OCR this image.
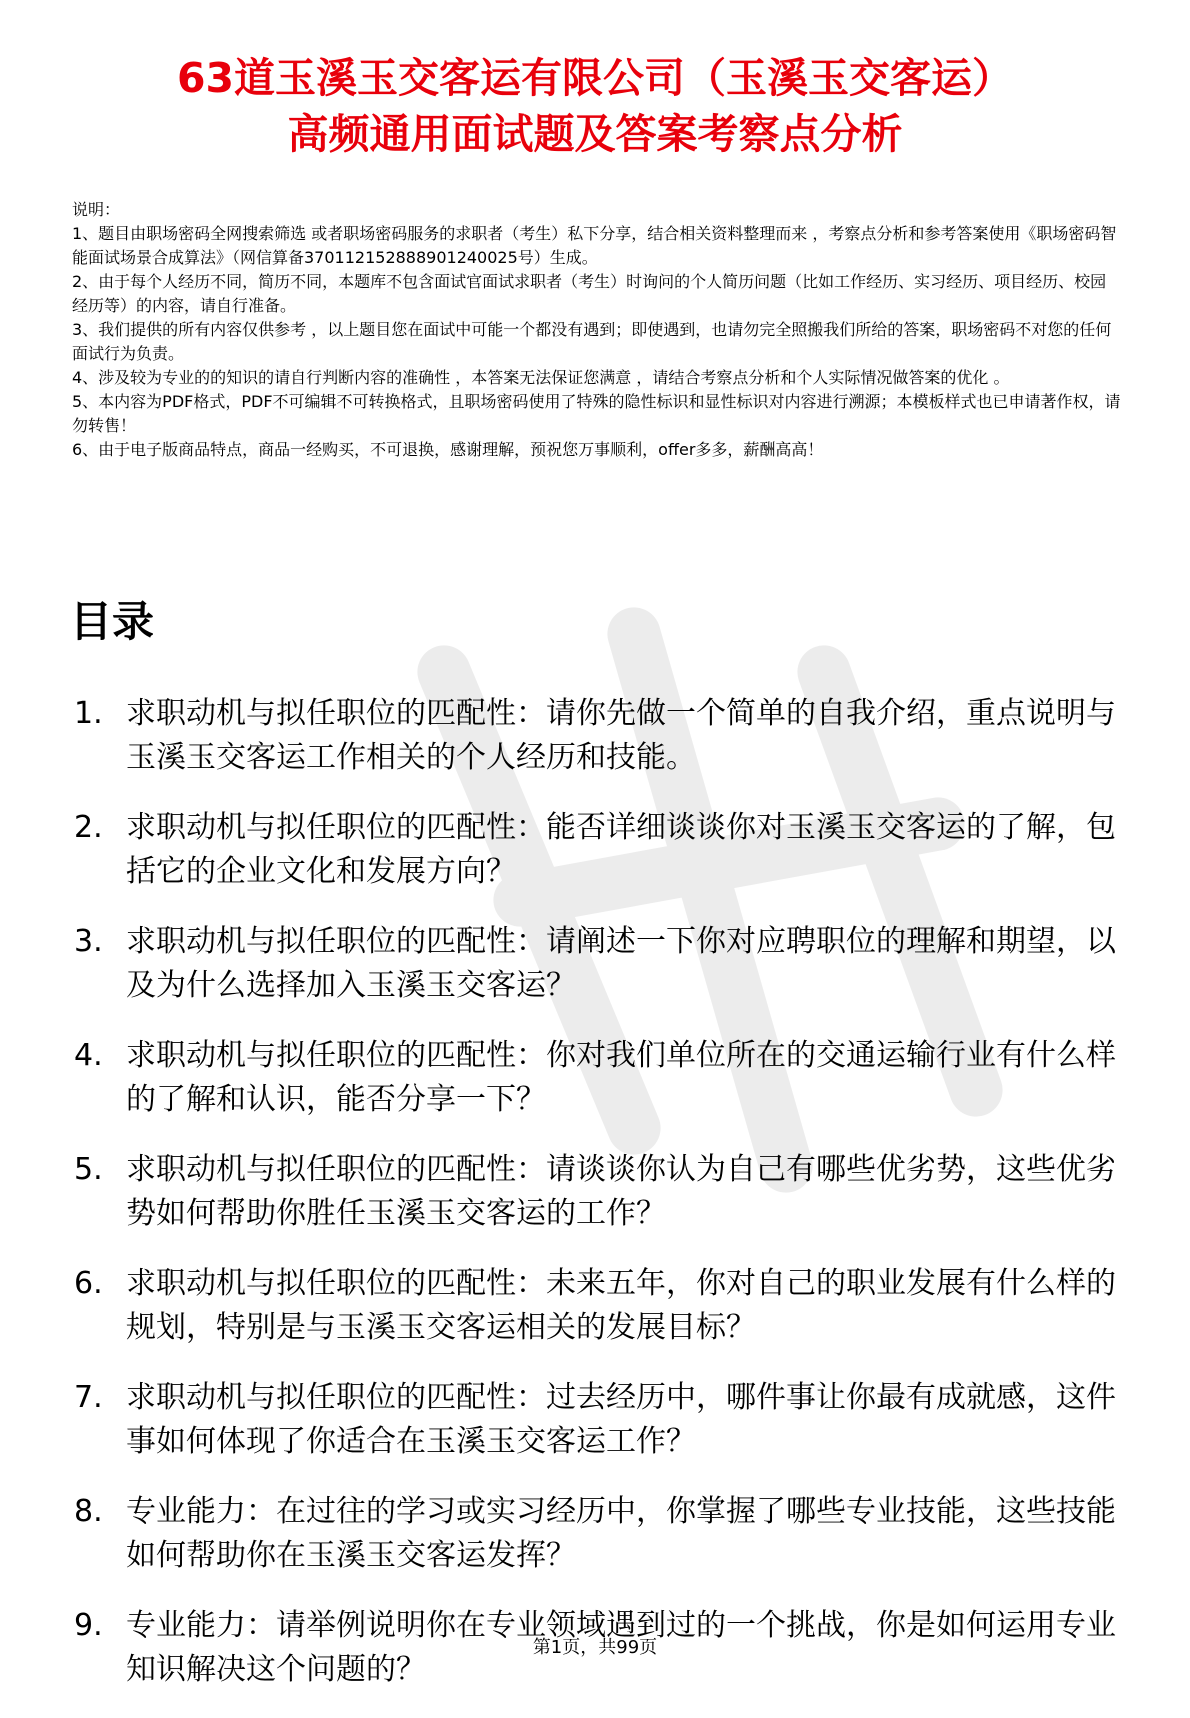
63道玉溪玉交客运有限公司（玉溪玉交客运）
高频通用面试题及答案考察点分析

说明：

1、题目由职场密码全网搜索筛选 或者职场密码服务的求职者（考生）私下分享，结合相关资料整理而来 ，考察点分析和参考答案使用《职场密码智能面试场景合成算法》（网信算备370112152888901240025号）生成。

2、由于每个人经历不同，简历不同，本题库不包含面试官面试求职者（考生）时询问的个人简历问题（比如工作经历、实习经历、项目经历、校园经历等）的内容，请自行准备。

3、我们提供的所有内容仅供参考 ，以上题目您在面试中可能一个都没有遇到；即使遇到，也请勿完全照搬我们所给的答案，职场密码不对您的任何面试行为负责。

4、涉及较为专业的的知识的请自行判断内容的准确性 ，本答案无法保证您满意 ，请结合考察点分析和个人实际情况做答案的优化 。

5、本内容为PDF格式，PDF不可编辑不可转换格式，且职场密码使用了特殊的隐性标识和显性标识对内容进行溯源；本模板样式也已申请著作权，请勿转售！

6、由于电子版商品特点，商品一经购买，不可退换，感谢理解，预祝您万事顺利，offer多多，薪酬高高！

目录
1. 求职动机与拟任职位的匹配性：请你先做一个简单的自我介绍，重点说明与玉溪玉交客运工作相关的个人经历和技能。
2. 求职动机与拟任职位的匹配性：能否详细谈谈你对玉溪玉交客运的了解，包括它的企业文化和发展方向？
3. 求职动机与拟任职位的匹配性：请阐述一下你对应聘职位的理解和期望，以及为什么选择加入玉溪玉交客运？
4. 求职动机与拟任职位的匹配性：你对我们单位所在的交通运输行业有什么样的了解和认识，能否分享一下？
5. 求职动机与拟任职位的匹配性：请谈谈你认为自己有哪些优劣势，这些优劣势如何帮助你胜任玉溪玉交客运的工作？
6. 求职动机与拟任职位的匹配性：未来五年，你对自己的职业发展有什么样的规划，特别是与玉溪玉交客运相关的发展目标？
7. 求职动机与拟任职位的匹配性：过去经历中，哪件事让你最有成就感，这件事如何体现了你适合在玉溪玉交客运工作？
8. 专业能力：在过往的学习或实习经历中，你掌握了哪些专业技能，这些技能如何帮助你在玉溪玉交客运发挥？
9. 专业能力：请举例说明你在专业领域遇到过的一个挑战，你是如何运用专业知识解决这个问题的？
第1页，共99页
